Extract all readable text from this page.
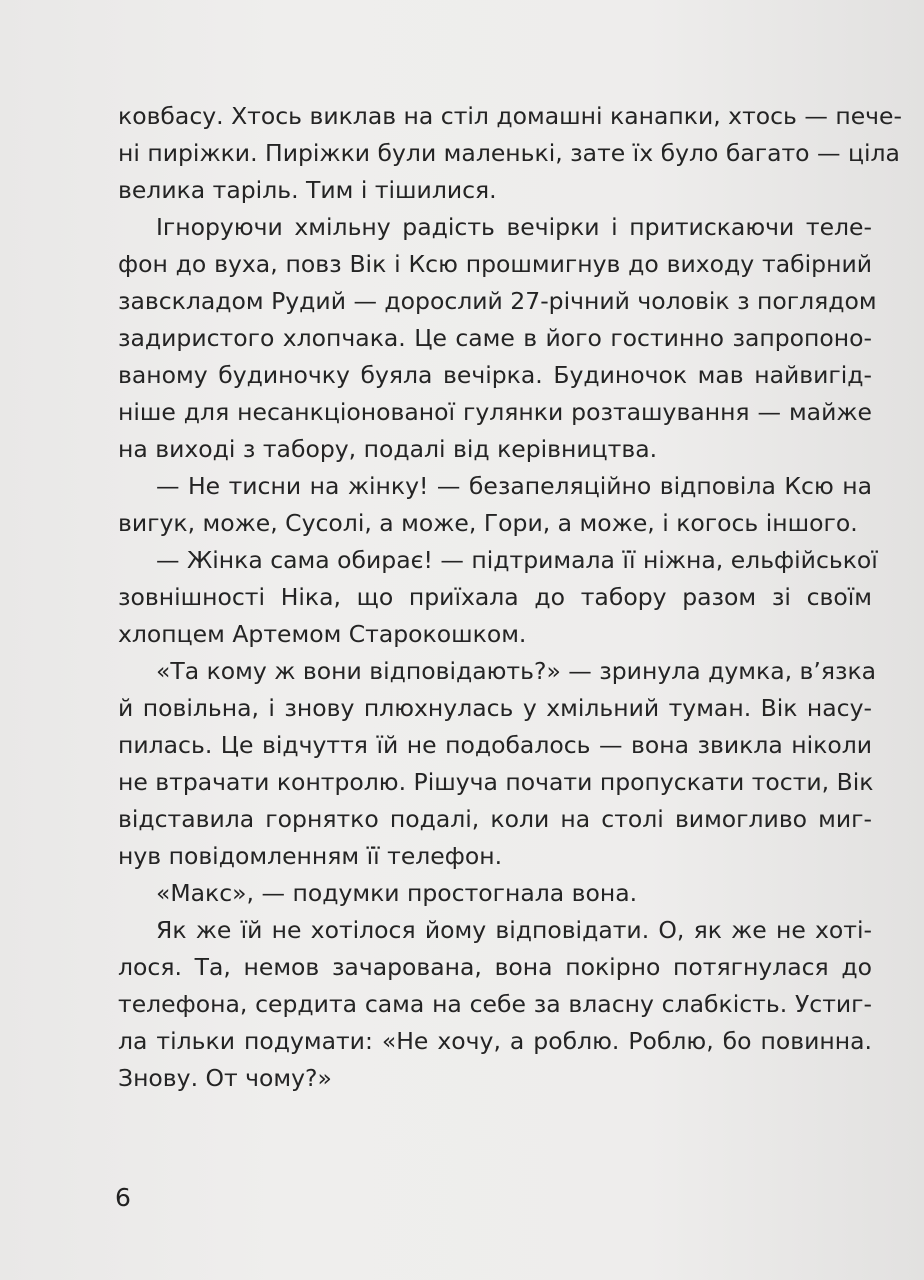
ковбасу. Хтось виклав на стіл домашні канапки, хтось — пече-
ні пиріжки. Пиріжки були маленькі, зате їх було багато — ціла
велика таріль. Тим і тішилися.
Ігноруючи хмільну радість вечірки і притискаючи теле-
фон до вуха, повз Вік і Ксю прошмигнув до виходу табірний
завскладом Рудий — дорослий 27-річний чоловік з поглядом
задиристого хлопчака. Це саме в його гостинно запропоно-
ваному будиночку буяла вечірка. Будиночок мав найвигід-
ніше для несанкціонованої гулянки розташування — майже
на виході з табору, подалі від керівництва.
— Не тисни на жінку! — безапеляційно відповіла Ксю на
вигук, може, Сусолі, а може, Гори, а може, і когось іншого.
— Жінка сама обирає! — підтримала її ніжна, ельфійської
зовнішності Ніка, що приїхала до табору разом зі своїм
хлопцем Артемом Старокошком.
«Та кому ж вони відповідають?» — зринула думка, в’язка
й повільна, і знову плюхнулась у хмільний туман. Вік насу-
пилась. Це відчуття їй не подобалось — вона звикла ніколи
не втрачати контролю. Рішуча почати пропускати тости, Вік
відставила горнятко подалі, коли на столі вимогливо миг-
нув повідомленням її телефон.
«Макс», — подумки простогнала вона.
Як же їй не хотілося йому відповідати. О, як же не хоті-
лося. Та, немов зачарована, вона покірно потягнулася до
телефона, сердита сама на себе за власну слабкість. Устиг-
ла тільки подумати: «Не хочу, а роблю. Роблю, бо повинна.
Знову. От чому?»
6
